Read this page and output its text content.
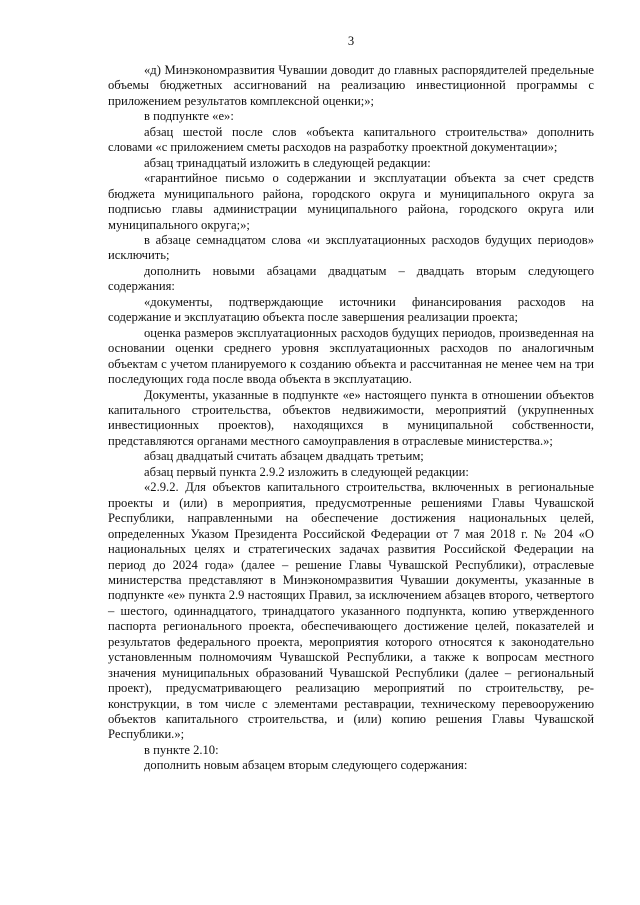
3

«д) Минэкономразвития Чувашии доводит до главных распорядителей предельные объемы бюджетных ассигнований на реализацию инвестиционной программы с приложением результатов комплексной оценки;»;

в подпункте «е»:

абзац шестой после слов «объекта капитального строительства» дополнить словами «с приложением сметы расходов на разработку проектной документации»;

абзац тринадцатый изложить в следующей редакции:

«гарантийное письмо о содержании и эксплуатации объекта за счет средств бюджета муниципального района, городского округа и муниципального округа за подписью главы администрации муниципального района, городского округа или муниципального округа;»;

в абзаце семнадцатом слова «и эксплуатационных расходов будущих периодов» исключить;

дополнить новыми абзацами двадцатым – двадцать вторым следующего содержания:

«документы, подтверждающие источники финансирования расходов на содержание и эксплуатацию объекта после завершения реализации проекта;

оценка размеров эксплуатационных расходов будущих периодов, произведенная на основании оценки среднего уровня эксплуатационных расходов по аналогичным объектам с учетом планируемого к созданию объекта и рассчитанная не менее чем на три последующих года после ввода объекта в эксплуатацию.

Документы, указанные в подпункте «е» настоящего пункта в отношении объектов капитального строительства, объектов недвижимости, мероприятий (укрупненных инвестиционных проектов), находящихся в муниципальной собственности, представляются органами местного самоуправления в отраслевые министерства.»;

абзац двадцатый считать абзацем двадцать третьим;

абзац первый пункта 2.9.2 изложить в следующей редакции:

«2.9.2. Для объектов капитального строительства, включенных в региональные проекты и (или) в мероприятия, предусмотренные решениями Главы Чувашской Республики, направленными на обеспечение достижения национальных целей, определенных Указом Президента Российской Федерации от 7 мая 2018 г. № 204 «О национальных целях и стратегических задачах развития Российской Федерации на период до 2024 года» (далее – решение Главы Чувашской Республики), отраслевые министерства представляют в Минэкономразвития Чувашии документы, указанные в подпункте «е» пункта 2.9 настоящих Правил, за исключением абзацев второго, четвертого – шестого, одиннадцатого, тринадцатого указанного подпункта, копию утвержденного паспорта регионального проекта, обеспечивающего достижение целей, показателей и результатов федерального проекта, мероприятия которого относятся к законодательно установленным полномочиям Чувашской Республики, а также к вопросам местного значения муниципальных образований Чувашской Республики (далее – региональный проект), предусматривающего реализацию мероприятий по строительству, реконструкции, в том числе с элементами реставрации, техническому перевооружению объектов капитального строительства, и (или) копию решения Главы Чувашской Республики.»;

в пункте 2.10:

дополнить новым абзацем вторым следующего содержания:
